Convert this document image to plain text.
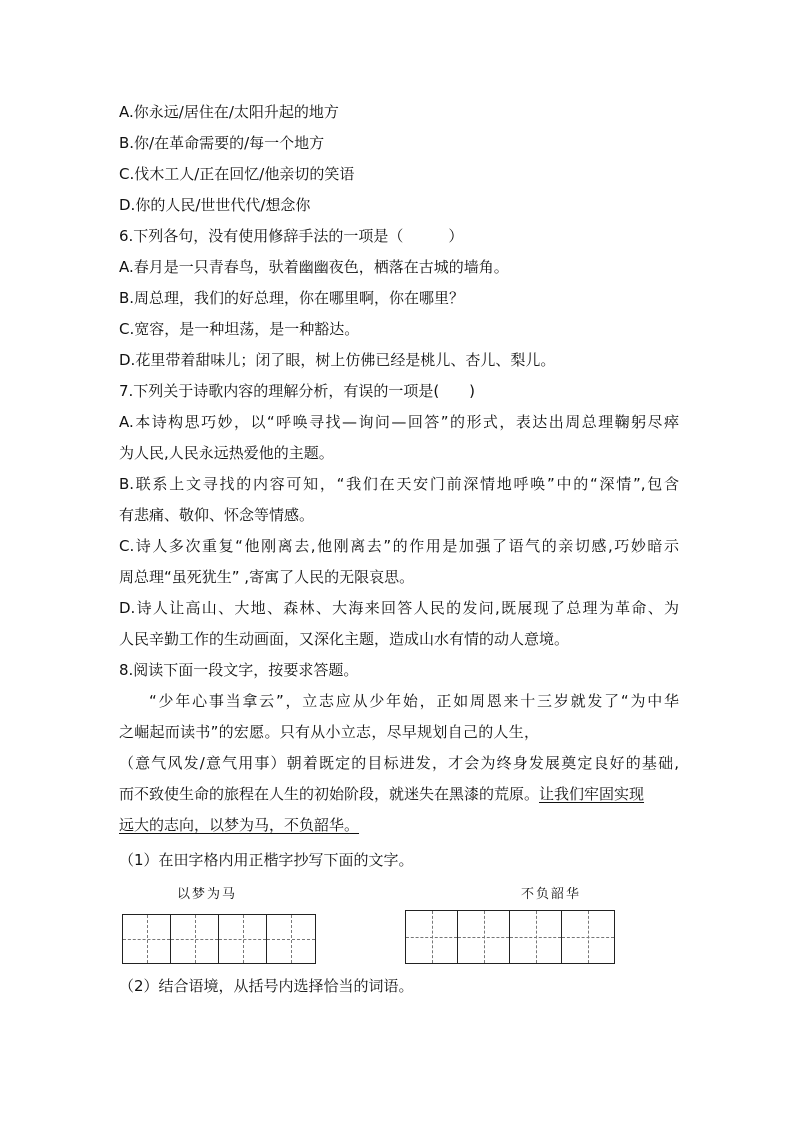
A.你永远/居住在/太阳升起的地方
B.你/在革命需要的/每一个地方
C.伐木工人/正在回忆/他亲切的笑语
D.你的人民/世世代代/想念你
6.下列各句，没有使用修辞手法的一项是（　　　）
A.春月是一只青春鸟，驮着幽幽夜色，栖落在古城的墙角。
B.周总理，我们的好总理，你在哪里啊，你在哪里？
C.宽容，是一种坦荡，是一种豁达。
D.花里带着甜味儿；闭了眼，树上仿佛已经是桃儿、杏儿、梨儿。
7.下列关于诗歌内容的理解分析，有误的一项是(　　)
A.本诗构思巧妙，以“呼唤寻找—询问—回答”的形式，表达出周总理鞠躬尽瘁
为人民,人民永远热爱他的主题。
B.联系上文寻找的内容可知，“我们在天安门前深情地呼唤”中的“深情”,包含
有悲痛、敬仰、怀念等情感。
C.诗人多次重复“他刚离去,他刚离去”的作用是加强了语气的亲切感,巧妙暗示
周总理“虽死犹生” ,寄寓了人民的无限哀思。
D.诗人让高山、大地、森林、大海来回答人民的发问,既展现了总理为革命、为
人民辛勤工作的生动画面，又深化主题，造成山水有情的动人意境。
8.阅读下面一段文字，按要求答题。
“少年心事当拿云”，立志应从少年始，正如周恩来十三岁就发了“为中华
之崛起而读书”的宏愿。只有从小立志，尽早规划自己的人生，
（意气风发/意气用事）朝着既定的目标进发，才会为终身发展奠定良好的基础,
而不致使生命的旅程在人生的初始阶段，就迷失在黑漆的荒原。让我们牢固实现
远大的志向，以梦为马，不负韶华。
（1）在田字格内用正楷字抄写下面的文字。
以梦为马	不负韶华
（2）结合语境，从括号内选择恰当的词语。
